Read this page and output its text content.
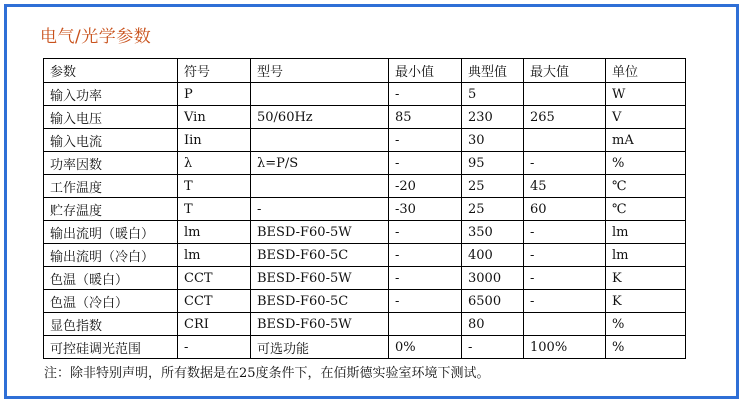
电气/光学参数
参数	符号	型号	最小值	典型值	最大值	单位
输入功率	P		-	5		W
输入电压	Vin	50/60Hz	85	230	265	V
输入电流	Iin		-	30		mA
功率因数	λ	λ=P/S	-	95	-	%
工作温度	T		-20	25	45	℃
贮存温度	T	-	-30	25	60	℃
输出流明（暖白）	lm	BESD-F60-5W	-	350	-	lm
输出流明（冷白）	lm	BESD-F60-5C	-	400	-	lm
色温（暖白）	CCT	BESD-F60-5W	-	3000	-	K
色温（冷白）	CCT	BESD-F60-5C	-	6500	-	K
显色指数	CRI	BESD-F60-5W		80		%
可控硅调光范围	-	可选功能	0%	-	100%	%
注：除非特别声明，所有数据是在25度条件下，在佰斯德实验室环境下测试。
